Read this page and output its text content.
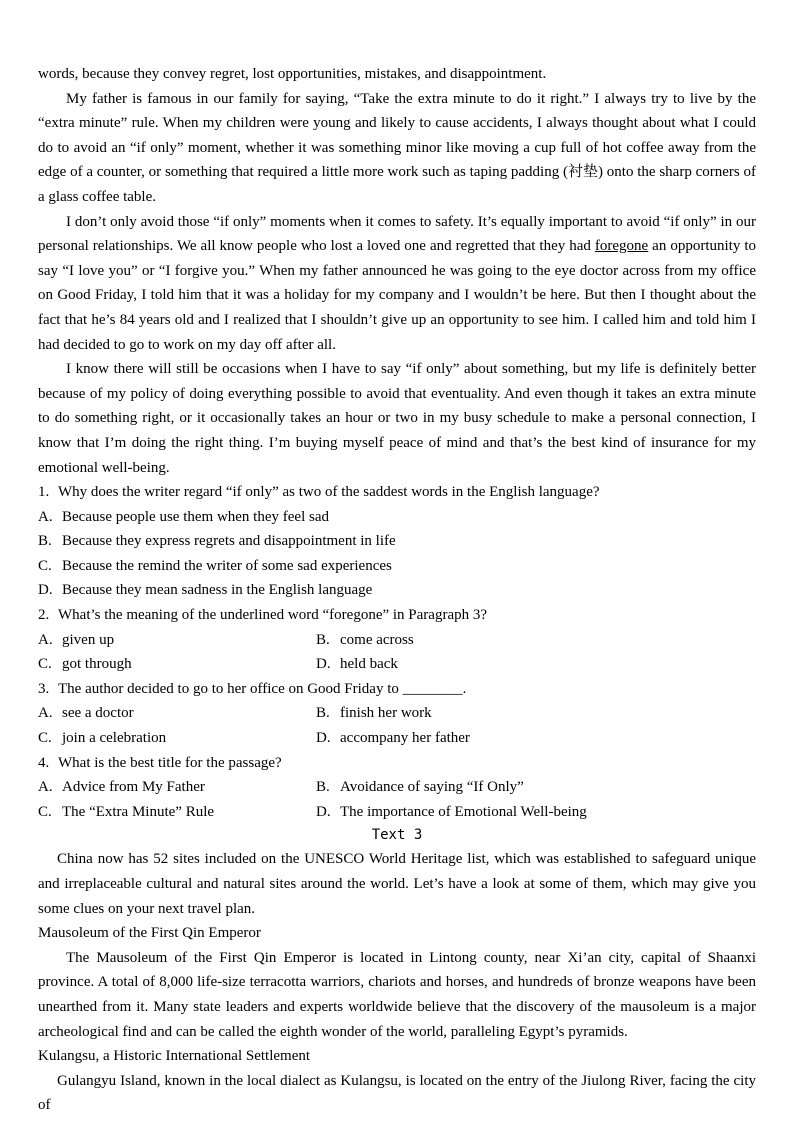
words, because they convey regret, lost opportunities, mistakes, and disappointment.

My father is famous in our family for saying, “Take the extra minute to do it right.” I always try to live by the “extra minute” rule. When my children were young and likely to cause accidents, I always thought about what I could do to avoid an “if only” moment, whether it was something minor like moving a cup full of hot coffee away from the edge of a counter, or something that required a little more work such as taping padding (衬垫) onto the sharp corners of a glass coffee table.

I don’t only avoid those “if only” moments when it comes to safety. It’s equally important to avoid “if only” in our personal relationships. We all know people who lost a loved one and regretted that they had foregone an opportunity to say “I love you” or “I forgive you.” When my father announced he was going to the eye doctor across from my office on Good Friday, I told him that it was a holiday for my company and I wouldn’t be here. But then I thought about the fact that he’s 84 years old and I realized that I shouldn’t give up an opportunity to see him. I called him and told him I had decided to go to work on my day off after all.

I know there will still be occasions when I have to say “if only” about something, but my life is definitely better because of my policy of doing everything possible to avoid that eventuality. And even though it takes an extra minute to do something right, or it occasionally takes an hour or two in my busy schedule to make a personal connection, I know that I’m doing the right thing. I’m buying myself peace of mind and that’s the best kind of insurance for my emotional well-being.

1. Why does the writer regard “if only” as two of the saddest words in the English language?

A. Because people use them when they feel sad

B. Because they express regrets and disappointment in life

C. Because the remind the writer of some sad experiences

D. Because they mean sadness in the English language

2. What’s the meaning of the underlined word “foregone” in Paragraph 3?

A. given up	B. come across

C. got through	D. held back

3. The author decided to go to her office on Good Friday to ________.

A. see a doctor	B. finish her work

C. join a celebration	D. accompany her father

4. What is the best title for the passage?

A. Advice from My Father	B. Avoidance of saying “If Only”

C. The “Extra Minute” Rule	D. The importance of Emotional Well-being

Text 3

China now has 52 sites included on the UNESCO World Heritage list, which was established to safeguard unique and irreplaceable cultural and natural sites around the world. Let’s have a look at some of them, which may give you some clues on your next travel plan.

Mausoleum of the First Qin Emperor

The Mausoleum of the First Qin Emperor is located in Lintong county, near Xi’an city, capital of Shaanxi province. A total of 8,000 life-size terracotta warriors, chariots and horses, and hundreds of bronze weapons have been unearthed from it. Many state leaders and experts worldwide believe that the discovery of the mausoleum is a major archeological find and can be called the eighth wonder of the world, paralleling Egypt’s pyramids.

Kulangsu, a Historic International Settlement

Gulangyu Island, known in the local dialect as Kulangsu, is located on the entry of the Jiulong River, facing the city of
